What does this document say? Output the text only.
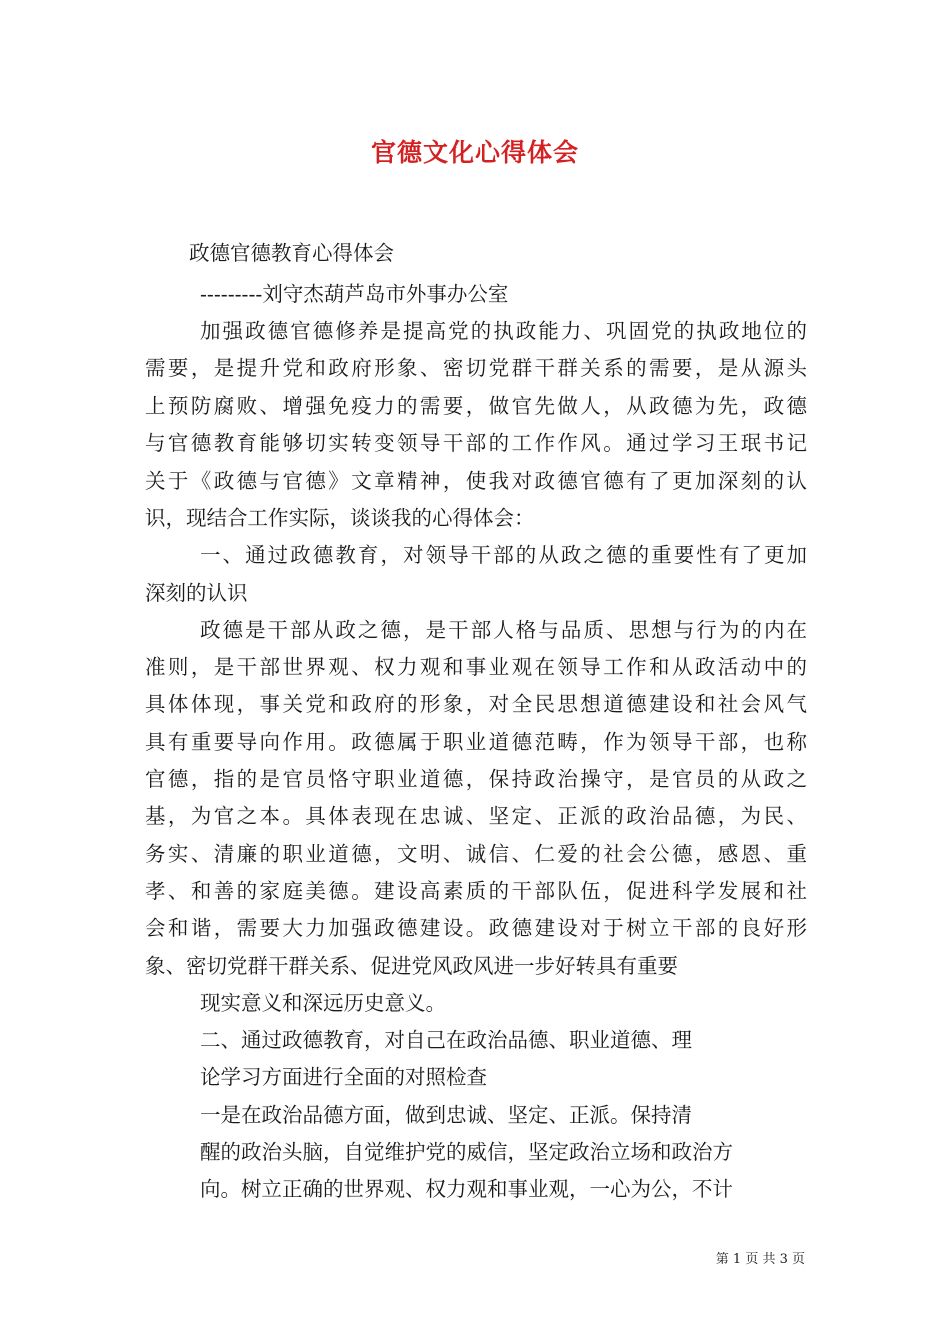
官德文化心得体会
政德官德教育心得体会
---------刘守杰葫芦岛市外事办公室
加强政德官德修养是提高党的执政能力、巩固党的执政地位的
需要，是提升党和政府形象、密切党群干群关系的需要，是从源头
上预防腐败、增强免疫力的需要，做官先做人，从政德为先，政德
与官德教育能够切实转变领导干部的工作作风。通过学习王珉书记
关于《政德与官德》文章精神，使我对政德官德有了更加深刻的认
识，现结合工作实际，谈谈我的心得体会：
一、通过政德教育，对领导干部的从政之德的重要性有了更加
深刻的认识
政德是干部从政之德，是干部人格与品质、思想与行为的内在
准则，是干部世界观、权力观和事业观在领导工作和从政活动中的
具体体现，事关党和政府的形象，对全民思想道德建设和社会风气
具有重要导向作用。政德属于职业道德范畴，作为领导干部，也称
官德，指的是官员恪守职业道德，保持政治操守，是官员的从政之
基，为官之本。具体表现在忠诚、坚定、正派的政治品德，为民、
务实、清廉的职业道德，文明、诚信、仁爱的社会公德，感恩、重
孝、和善的家庭美德。建设高素质的干部队伍，促进科学发展和社
会和谐，需要大力加强政德建设。政德建设对于树立干部的良好形
象、密切党群干群关系、促进党风政风进一步好转具有重要
现实意义和深远历史意义。
二、通过政德教育，对自己在政治品德、职业道德、理
论学习方面进行全面的对照检查
一是在政治品德方面，做到忠诚、坚定、正派。保持清
醒的政治头脑，自觉维护党的威信，坚定政治立场和政治方
向。树立正确的世界观、权力观和事业观，一心为公，不计
第 1 页 共 3 页
